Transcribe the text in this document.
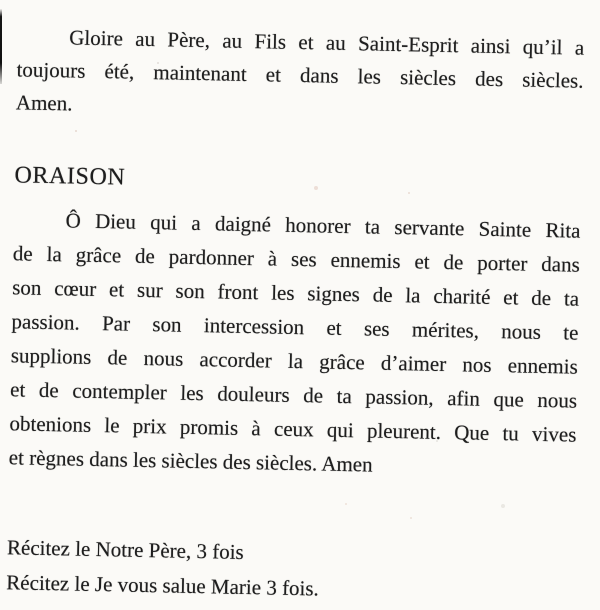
Gloire au Père, au Fils et au Saint-Esprit ainsi qu’il a
toujours été, maintenant et dans les siècles des siècles.
Amen.
ORAISON
Ô Dieu qui a daigné honorer ta servante Sainte Rita
de la grâce de pardonner à ses ennemis et de porter dans
son cœur et sur son front les signes de la charité et de ta
passion. Par son intercession et ses mérites, nous te
supplions de nous accorder la grâce d’aimer nos ennemis
et de contempler les douleurs de ta passion, afin que nous
obtenions le prix promis à ceux qui pleurent. Que tu vives
et règnes dans les siècles des siècles. Amen
Récitez le Notre Père, 3 fois
Récitez le Je vous salue Marie 3 fois.
